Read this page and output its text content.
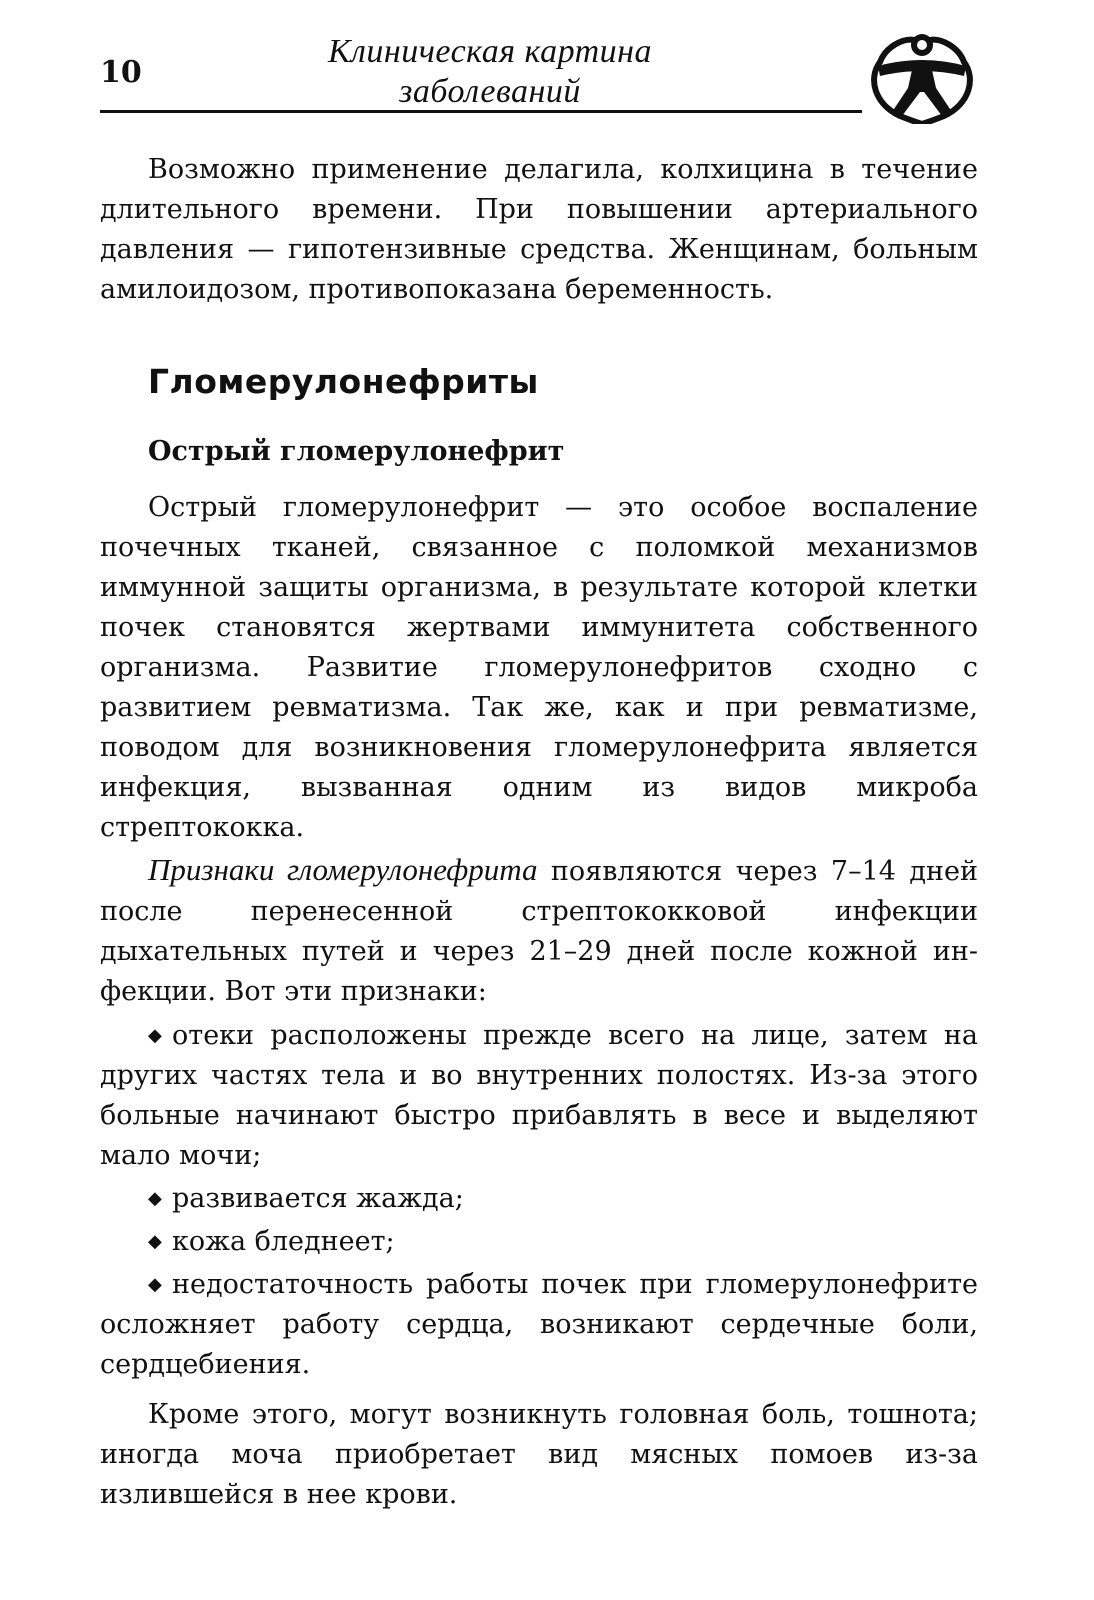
10
Клиническая картина
заболеваний

Возможно применение делагила, колхицина в течение длительного времени. При повышении артериального давления — гипотензивные средства. Женщинам, больным амилоидозом, противопоказана беременность.

Гломерулонефриты
Острый гломерулонефрит

Острый гломерулонефрит — это особое воспаление почечных тканей, связанное с поломкой механизмов иммунной защиты организма, в результате которой клетки почек становятся жертвами иммунитета собственного организма. Развитие гломерулонефритов сходно с развитием ревматизма. Так же, как и при ревматизме, поводом для возникновения гломерулонефрита является инфекция, вызванная одним из видов микроба стрептококка.

Признаки гломерулонефрита появляются через 7–14 дней после перенесенной стрептококковой инфекции дыхательных путей и через 21–29 дней после кожной инфекции. Вот эти признаки:

◆ отеки расположены прежде всего на лице, затем на других частях тела и во внутренних полостях. Из-за этого больные начинают быстро прибавлять в весе и выделяют мало мочи;
◆ развивается жажда;
◆ кожа бледнеет;
◆ недостаточность работы почек при гломерулонефрите осложняет работу сердца, возникают сердечные боли, сердцебиения.

Кроме этого, могут возникнуть головная боль, тошнота; иногда моча приобретает вид мясных помоев из-за излившейся в нее крови.
